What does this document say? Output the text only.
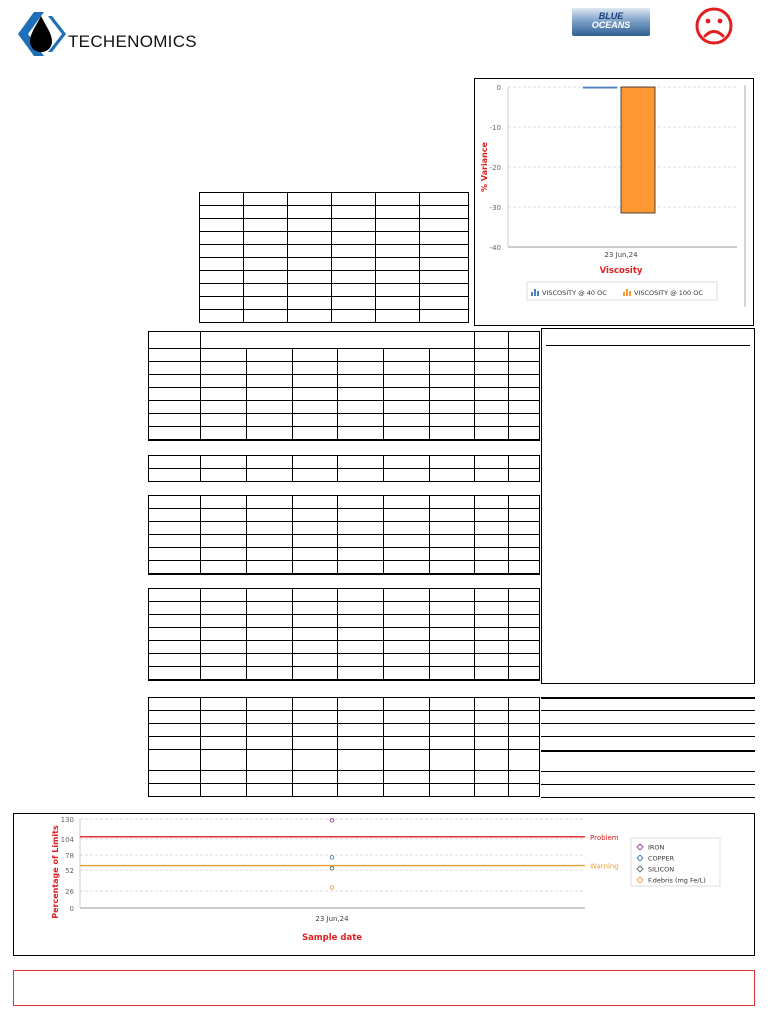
TECHENOMICS
BLUE
OCEANS
0
-10
-20
-30
-40
% Variance
23 Jun,24
Viscosity
VISCOSITY @ 40 OC	VISCOSITY @ 100 OC

130
104
78
52
26
0
Percentage of Limits	Problem
Warning
23 Jun,24
Sample date
IRON
COPPER
SILICON
F.debris (mg Fe/L)
